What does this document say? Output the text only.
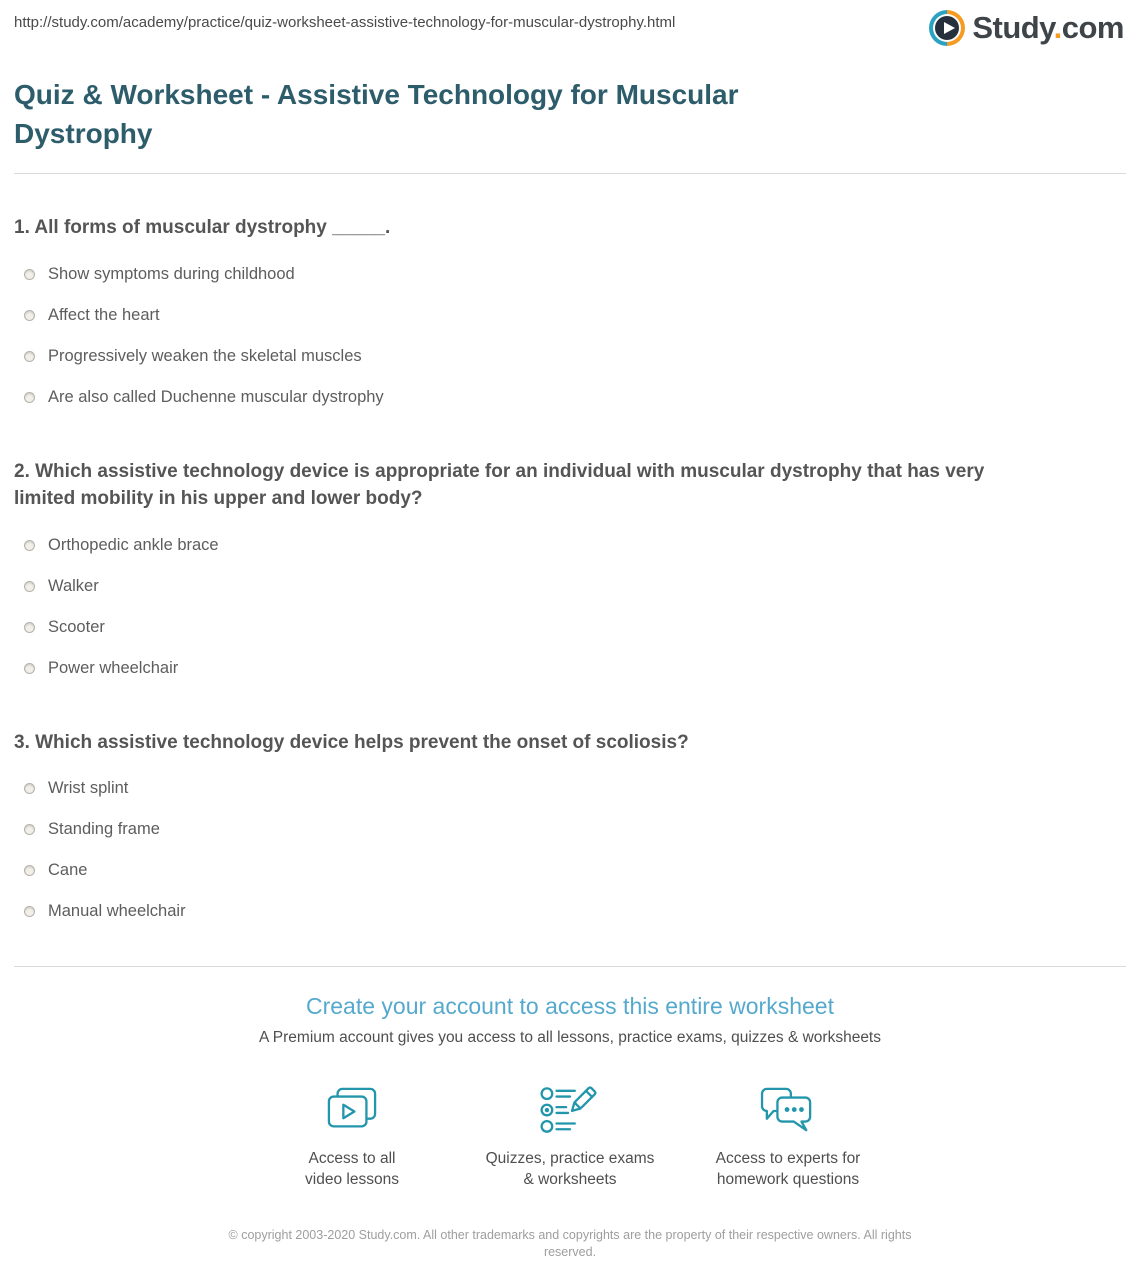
http://study.com/academy/practice/quiz-worksheet-assistive-technology-for-muscular-dystrophy.html	Study.com
Quiz & Worksheet - Assistive Technology for Muscular Dystrophy
1. All forms of muscular dystrophy _____.
Show symptoms during childhood
Affect the heart
Progressively weaken the skeletal muscles
Are also called Duchenne muscular dystrophy
2. Which assistive technology device is appropriate for an individual with muscular dystrophy that has very limited mobility in his upper and lower body?
Orthopedic ankle brace
Walker
Scooter
Power wheelchair
3. Which assistive technology device helps prevent the onset of scoliosis?
Wrist splint
Standing frame
Cane
Manual wheelchair
Create your account to access this entire worksheet
A Premium account gives you access to all lessons, practice exams, quizzes & worksheets
Access to all
video lessons
Quizzes, practice exams
& worksheets
Access to experts for
homework questions
© copyright 2003-2020 Study.com. All other trademarks and copyrights are the property of their respective owners. All rights
reserved.
